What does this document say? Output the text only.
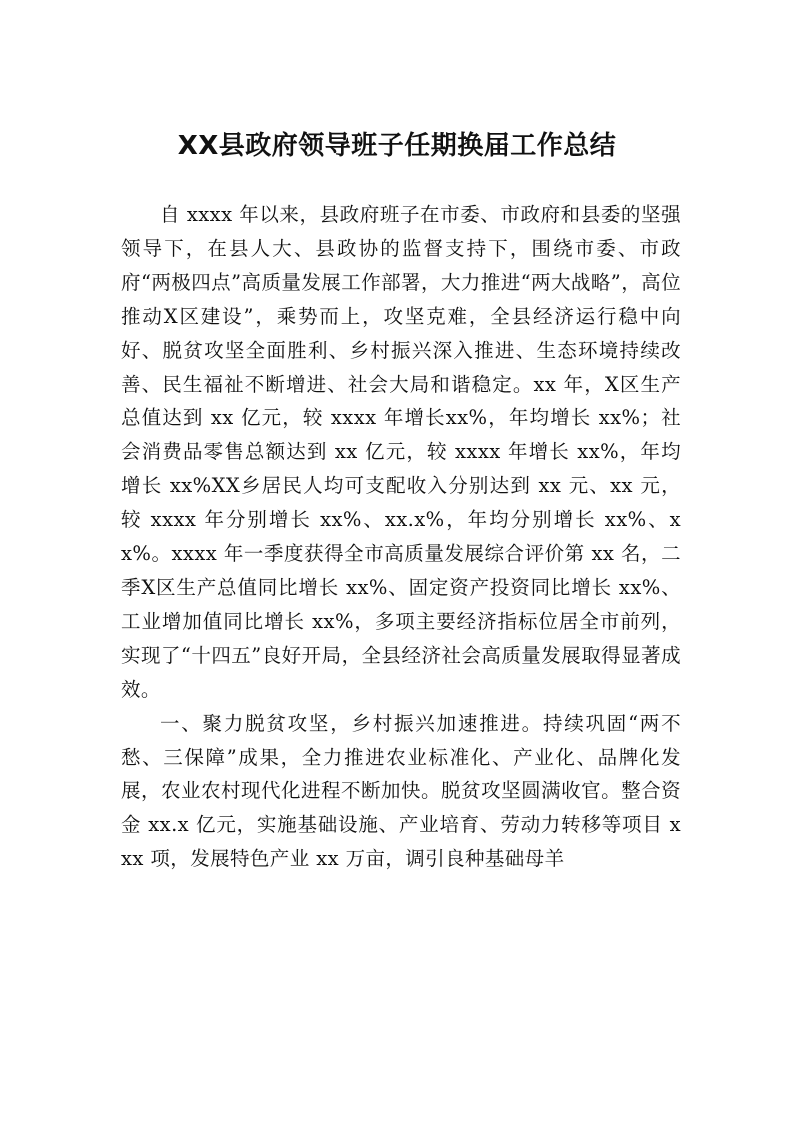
XX县政府领导班子任期换届工作总结

自 xxxx 年以来，县政府班子在市委、市政府和县委的坚强领导下，在县人大、县政协的监督支持下，围绕市委、市政府“两极四点”高质量发展工作部署，大力推进“两大战略”，高位推动X区建设”，乘势而上，攻坚克难，全县经济运行稳中向好、脱贫攻坚全面胜利、乡村振兴深入推进、生态环境持续改善、民生福祉不断增进、社会大局和谐稳定。xx 年，X区生产总值达到 xx 亿元，较 xxxx 年增长xx%，年均增长 xx%；社会消费品零售总额达到 xx 亿元，较 xxxx 年增长 xx%，年均增长 xx%XX乡居民人均可支配收入分别达到 xx 元、xx 元，较 xxxx 年分别增长 xx%、xx.x%，年均分别增长 xx%、xx%。xxxx 年一季度获得全市高质量发展综合评价第 xx 名，二季X区生产总值同比增长 xx%、固定资产投资同比增长 xx%、工业增加值同比增长 xx%，多项主要经济指标位居全市前列，实现了“十四五”良好开局，全县经济社会高质量发展取得显著成效。

一、聚力脱贫攻坚，乡村振兴加速推进。持续巩固“两不愁、三保障”成果，全力推进农业标准化、产业化、品牌化发展，农业农村现代化进程不断加快。脱贫攻坚圆满收官。整合资金 xx.x 亿元，实施基础设施、产业培育、劳动力转移等项目 xxx 项，发展特色产业 xx 万亩，调引良种基础母羊
